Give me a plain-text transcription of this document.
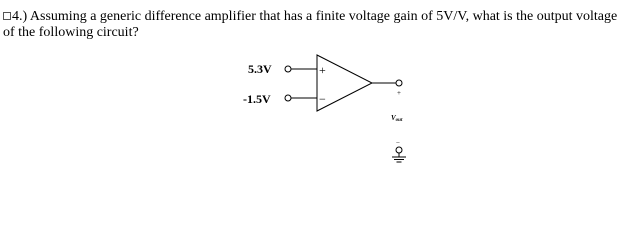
4.) Assuming a generic difference amplifier that has a finite voltage gain of 5V/V, what is the output voltage of the following circuit?
5.3V
-1.5V
+
−	+
Vout
−
